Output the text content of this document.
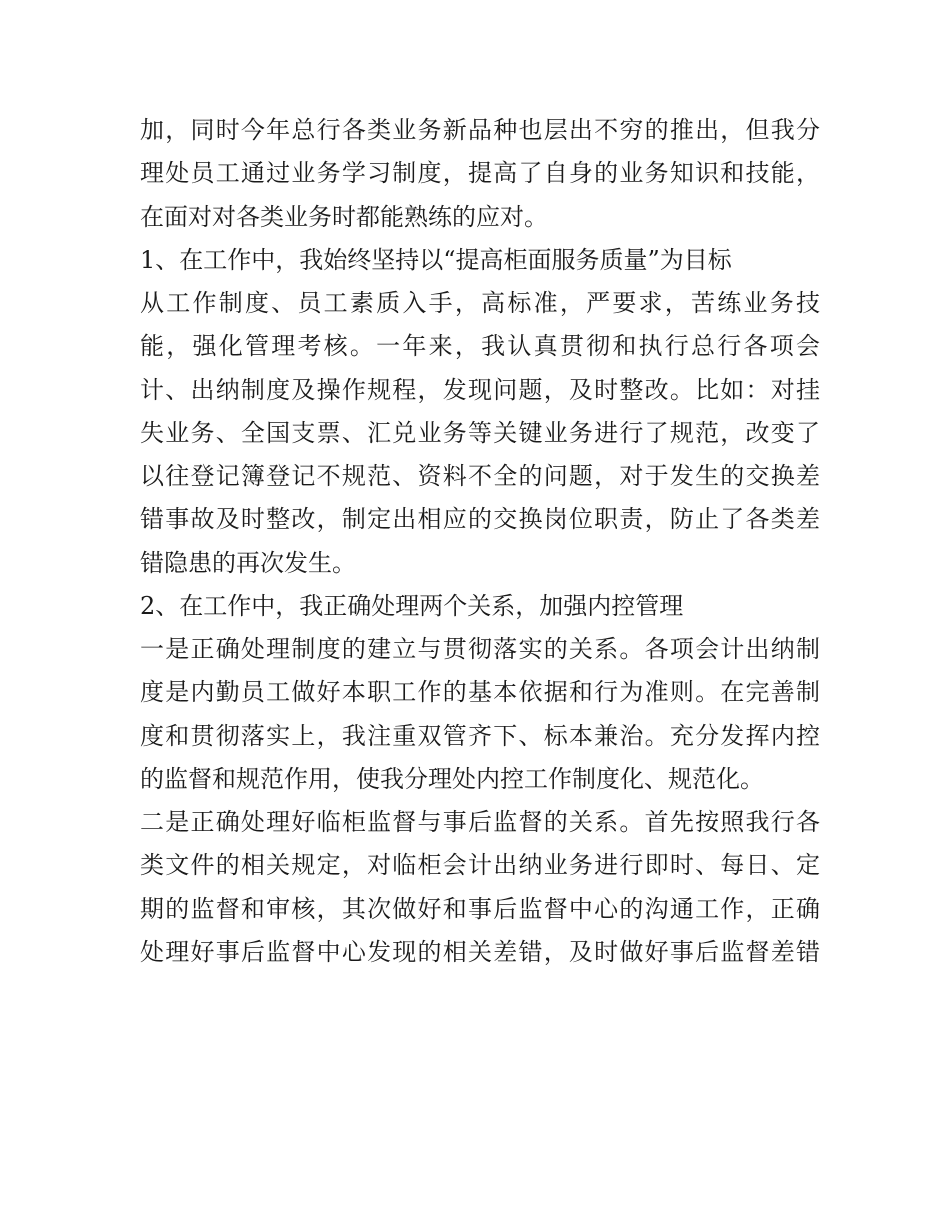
加，同时今年总行各类业务新品种也层出不穷的推出，但我分
理处员工通过业务学习制度，提高了自身的业务知识和技能，
在面对对各类业务时都能熟练的应对。
1、在工作中，我始终坚持以“提高柜面服务质量”为目标
从工作制度、员工素质入手，高标准，严要求，苦练业务技
能，强化管理考核。一年来，我认真贯彻和执行总行各项会
计、出纳制度及操作规程，发现问题，及时整改。比如：对挂
失业务、全国支票、汇兑业务等关键业务进行了规范，改变了
以往登记簿登记不规范、资料不全的问题，对于发生的交换差
错事故及时整改，制定出相应的交换岗位职责，防止了各类差
错隐患的再次发生。
2、在工作中，我正确处理两个关系，加强内控管理
一是正确处理制度的建立与贯彻落实的关系。各项会计出纳制
度是内勤员工做好本职工作的基本依据和行为准则。在完善制
度和贯彻落实上，我注重双管齐下、标本兼治。充分发挥内控
的监督和规范作用，使我分理处内控工作制度化、规范化。
二是正确处理好临柜监督与事后监督的关系。首先按照我行各
类文件的相关规定，对临柜会计出纳业务进行即时、每日、定
期的监督和审核，其次做好和事后监督中心的沟通工作，正确
处理好事后监督中心发现的相关差错，及时做好事后监督差错
